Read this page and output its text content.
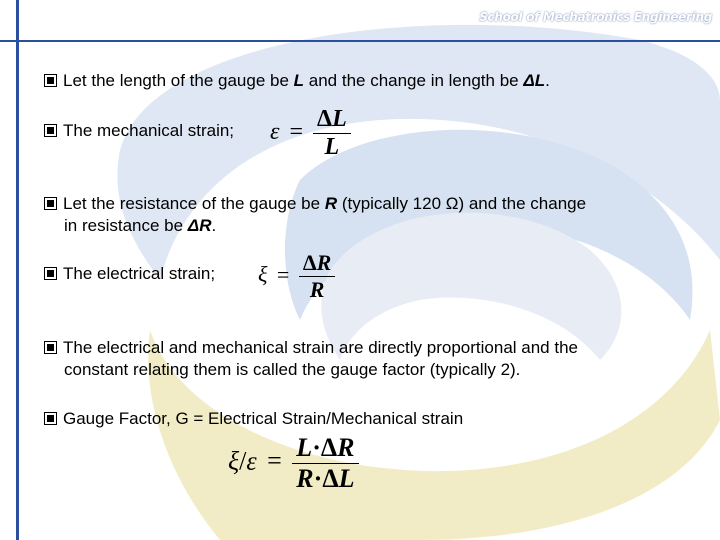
School of Mechatronics Engineering
Let the length of the gauge be L and the change in length be ΔL.
The mechanical strain; $\varepsilon = \frac{\Delta L}{L}$
Let the resistance of the gauge be R (typically 120 Ω) and the change
in resistance be ΔR.
The electrical strain; $\xi = \frac{\Delta R}{R}$
The electrical and mechanical strain are directly proportional and the
constant relating them is called the gauge factor (typically 2).
Gauge Factor, G = Electrical Strain/Mechanical strain
$\xi/\varepsilon = \frac{L\cdot\Delta R}{R\cdot\Delta L}$
